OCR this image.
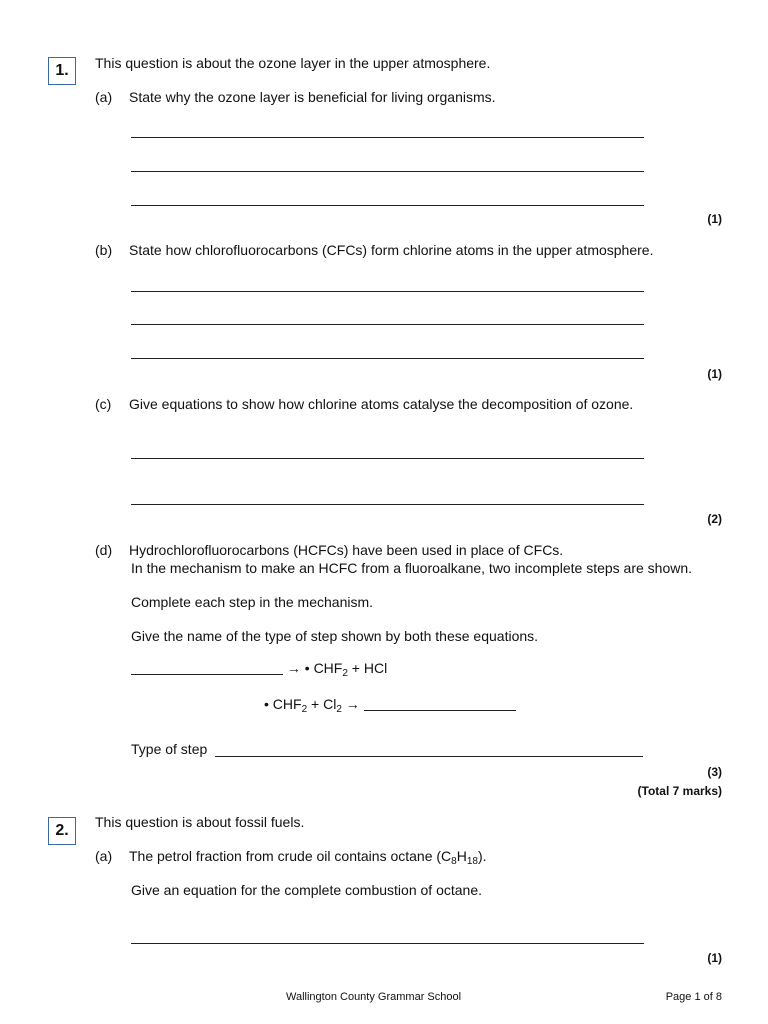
1.	This question is about the ozone layer in the upper atmosphere.
(a) State why the ozone layer is beneficial for living organisms.
(1)
(b) State how chlorofluorocarbons (CFCs) form chlorine atoms in the upper atmosphere.
(1)
(c) Give equations to show how chlorine atoms catalyse the decomposition of ozone.
(2)
(d) Hydrochlorofluorocarbons (HCFCs) have been used in place of CFCs.
In the mechanism to make an HCFC from a fluoroalkane, two incomplete steps are shown.
Complete each step in the mechanism.
Give the name of the type of step shown by both these equations.
→ • $CHF_2$ + HCl
• $CHF_2 + Cl_2$ →
Type of step
(3)
(Total 7 marks)
2.	This question is about fossil fuels.
(a) The petrol fraction from crude oil contains octane $(C_8H_{18})$.
Give an equation for the complete combustion of octane.
(1)
Wallington County Grammar School	Page 1 of 8
